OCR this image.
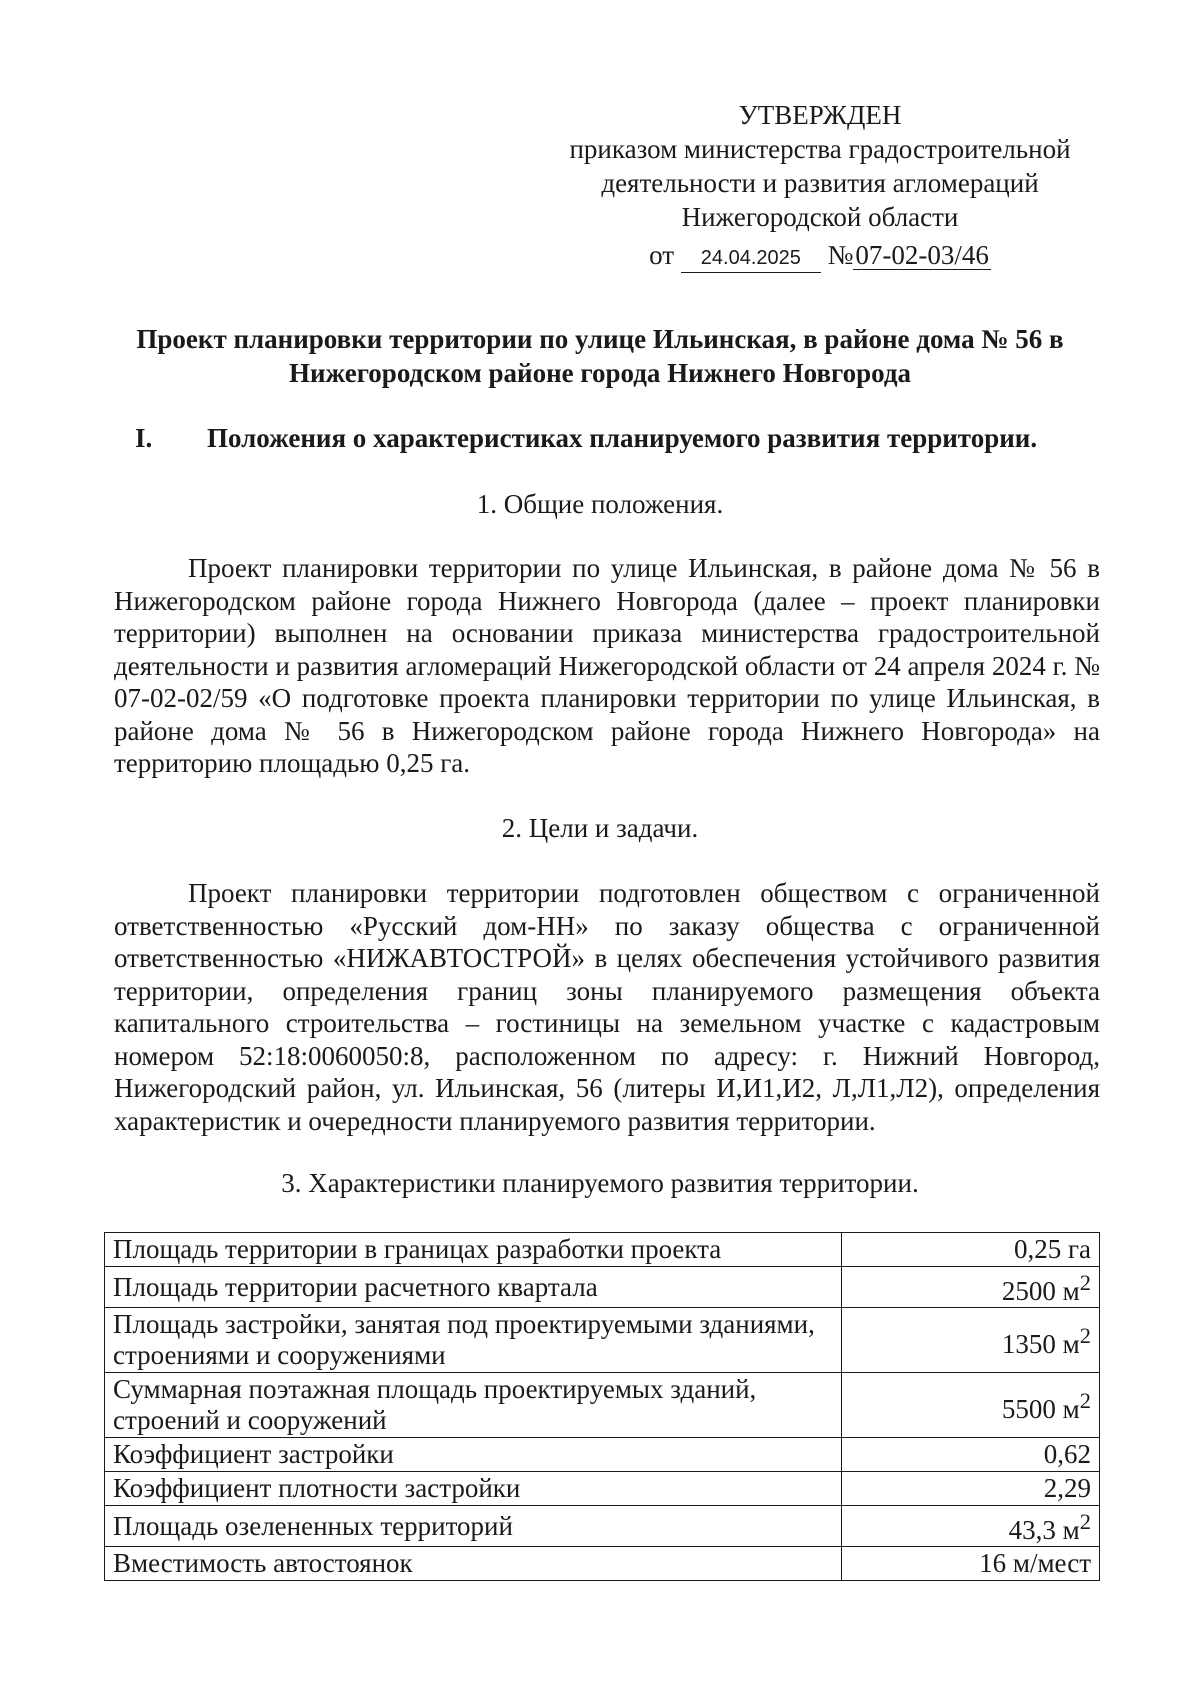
УТВЕРЖДЕН
приказом министерства градостроительной
деятельности и развития агломераций
Нижегородской области
от 24.04.2025 №07-02-03/46
Проект планировки территории по улице Ильинская, в районе дома № 56 в
Нижегородском районе города Нижнего Новгорода
I. Положения о характеристиках планируемого развития территории.
1. Общие положения.
Проект планировки территории по улице Ильинская, в районе дома № 56 в Нижегородском районе города Нижнего Новгорода (далее – проект планировки территории) выполнен на основании приказа министерства градостроительной деятельности и развития агломераций Нижегородской области от 24 апреля 2024 г. № 07-02-02/59 «О подготовке проекта планировки территории по улице Ильинская, в районе дома № 56 в Нижегородском районе города Нижнего Новгорода» на территорию площадью 0,25 га.
2. Цели и задачи.
Проект планировки территории подготовлен обществом с ограниченной ответственностью «Русский дом-НН» по заказу общества с ограниченной ответственностью «НИЖАВТОСТРОЙ» в целях обеспечения устойчивого развития территории, определения границ зоны планируемого размещения объекта капитального строительства – гостиницы на земельном участке с кадастровым номером 52:18:0060050:8, расположенном по адресу: г. Нижний Новгород, Нижегородский район, ул. Ильинская, 56 (литеры И,И1,И2, Л,Л1,Л2), определения характеристик и очередности планируемого развития территории.
3. Характеристики планируемого развития территории.
Площадь территории в границах разработки проекта	0,25 га
Площадь территории расчетного квартала	2500 $м^2$
Площадь застройки, занятая под проектируемыми зданиями, строениями и сооружениями	1350 $м^2$
Суммарная поэтажная площадь проектируемых зданий, строений и сооружений	5500 $м^2$
Коэффициент застройки	0,62
Коэффициент плотности застройки	2,29
Площадь озелененных территорий	43,3 $м^2$
Вместимость автостоянок	16 м/мест
